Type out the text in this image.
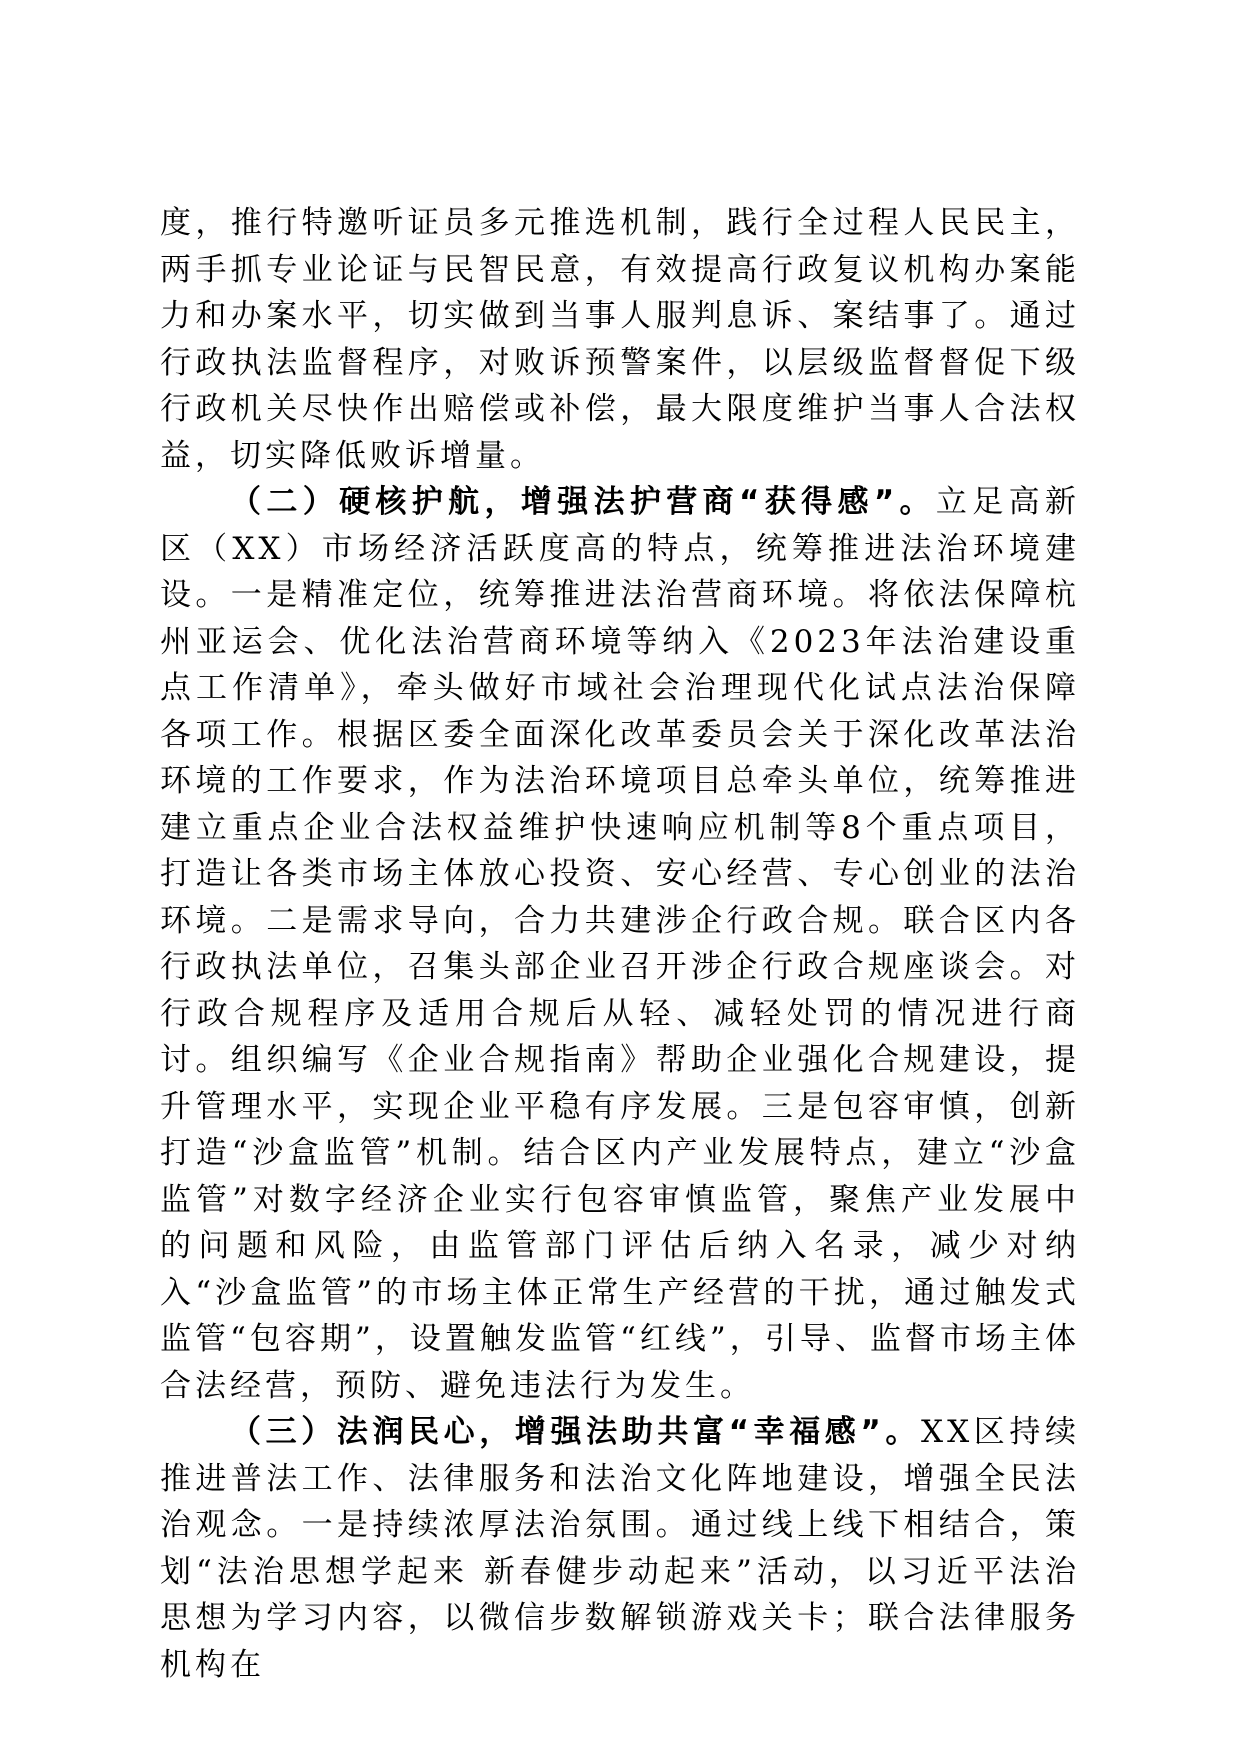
度，推行特邀听证员多元推选机制，践行全过程人民民主，两手抓专业论证与民智民意，有效提高行政复议机构办案能力和办案水平，切实做到当事人服判息诉、案结事了。通过行政执法监督程序，对败诉预警案件，以层级监督督促下级行政机关尽快作出赔偿或补偿，最大限度维护当事人合法权益，切实降低败诉增量。

（二）硬核护航，增强法护营商“获得感”。立足高新区（XX）市场经济活跃度高的特点，统筹推进法治环境建设。一是精准定位，统筹推进法治营商环境。将依法保障杭州亚运会、优化法治营商环境等纳入《2023年法治建设重点工作清单》，牵头做好市域社会治理现代化试点法治保障各项工作。根据区委全面深化改革委员会关于深化改革法治环境的工作要求，作为法治环境项目总牵头单位，统筹推进建立重点企业合法权益维护快速响应机制等8个重点项目，打造让各类市场主体放心投资、安心经营、专心创业的法治环境。二是需求导向，合力共建涉企行政合规。联合区内各行政执法单位，召集头部企业召开涉企行政合规座谈会。对行政合规程序及适用合规后从轻、减轻处罚的情况进行商讨。组织编写《企业合规指南》帮助企业强化合规建设，提升管理水平，实现企业平稳有序发展。三是包容审慎，创新打造“沙盒监管”机制。结合区内产业发展特点，建立“沙盒监管”对数字经济企业实行包容审慎监管，聚焦产业发展中的问题和风险，由监管部门评估后纳入名录，减少对纳入“沙盒监管”的市场主体正常生产经营的干扰，通过触发式监管“包容期”，设置触发监管“红线”，引导、监督市场主体合法经营，预防、避免违法行为发生。

（三）法润民心，增强法助共富“幸福感”。XX区持续推进普法工作、法律服务和法治文化阵地建设，增强全民法治观念。一是持续浓厚法治氛围。通过线上线下相结合，策划“法治思想学起来 新春健步动起来”活动，以习近平法治思想为学习内容，以微信步数解锁游戏关卡；联合法律服务机构在
